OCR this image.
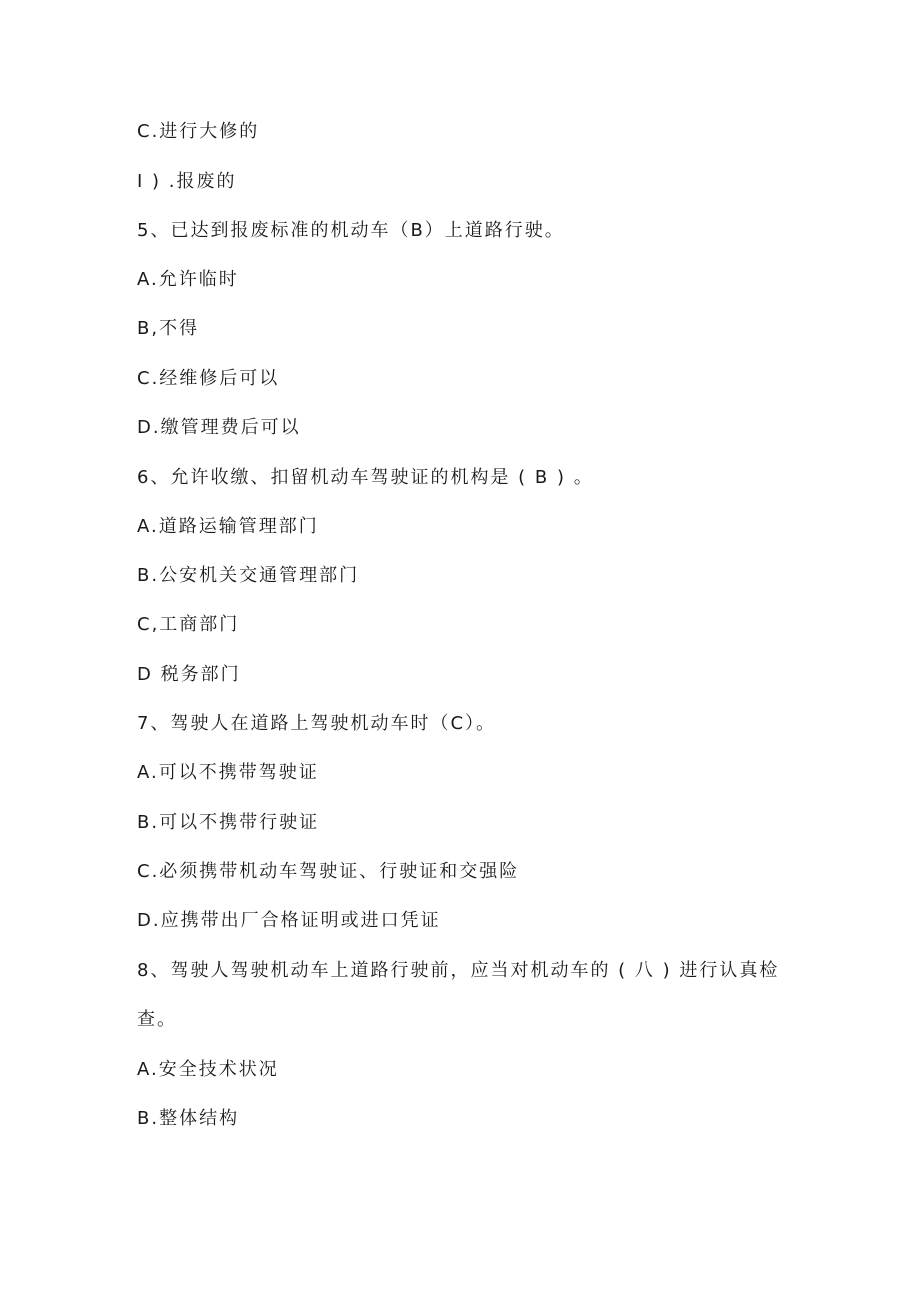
C.进行大修的
I ) .报废的
5、已达到报废标准的机动车（B）上道路行驶。
A.允许临时
B,不得
C.经维修后可以
D.缴管理费后可以
6、允许收缴、扣留机动车驾驶证的机构是 ( B ) 。
A.道路运输管理部门
B.公安机关交通管理部门
C,工商部门
D 税务部门
7、驾驶人在道路上驾驶机动车时（C）。
A.可以不携带驾驶证
B.可以不携带行驶证
C.必须携带机动车驾驶证、行驶证和交强险
D.应携带出厂合格证明或进口凭证
8、驾驶人驾驶机动车上道路行驶前，应当对机动车的 ( 八 ) 进行认真检
查。
A.安全技术状况
B.整体结构
